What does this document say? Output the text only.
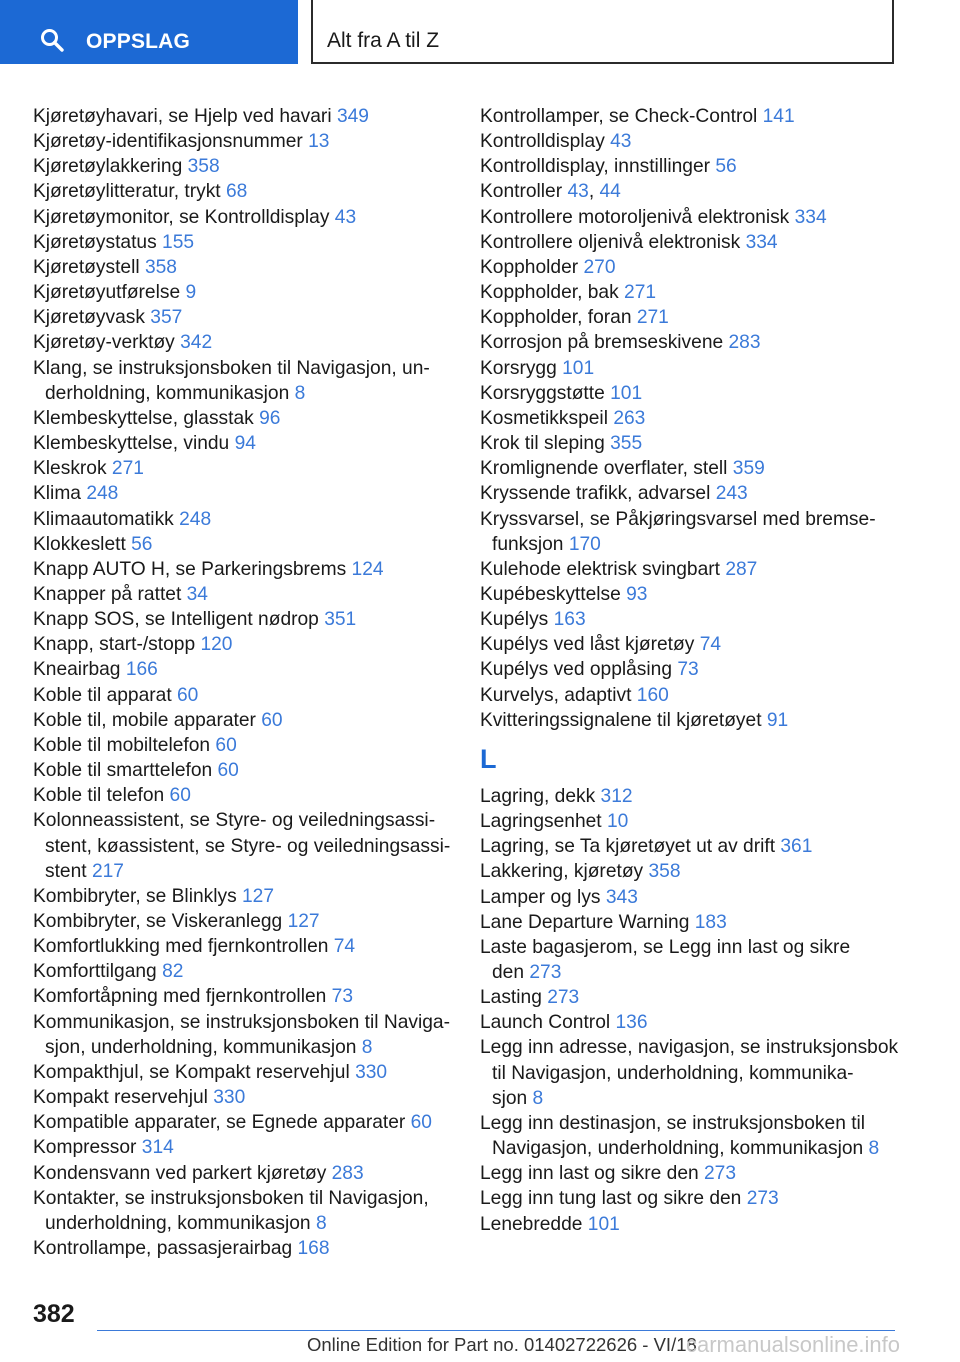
OPPSLAG	Alt fra A til Z
Kjøretøyhavari, se Hjelp ved havari 349
Kjøretøy-identifikasjonsnummer 13
Kjøretøylakkering 358
Kjøretøylitteratur, trykt 68
Kjøretøymonitor, se Kontrolldisplay 43
Kjøretøystatus 155
Kjøretøystell 358
Kjøretøyutførelse 9
Kjøretøyvask 357
Kjøretøy-verktøy 342
Klang, se instruksjonsboken til Navigasjon, un-
derholdning, kommunikasjon 8
Klembeskyttelse, glasstak 96
Klembeskyttelse, vindu 94
Kleskrok 271
Klima 248
Klimaautomatikk 248
Klokkeslett 56
Knapp AUTO H, se Parkeringsbrems 124
Knapper på rattet 34
Knapp SOS, se Intelligent nødrop 351
Knapp, start-/stopp 120
Kneairbag 166
Koble til apparat 60
Koble til, mobile apparater 60
Koble til mobiltelefon 60
Koble til smarttelefon 60
Koble til telefon 60
Kolonneassistent, se Styre- og veiledningsassi-
stent, køassistent, se Styre- og veiledningsassi-
stent 217
Kombibryter, se Blinklys 127
Kombibryter, se Viskeranlegg 127
Komfortlukking med fjernkontrollen 74
Komforttilgang 82
Komfortåpning med fjernkontrollen 73
Kommunikasjon, se instruksjonsboken til Naviga-
sjon, underholdning, kommunikasjon 8
Kompakthjul, se Kompakt reservehjul 330
Kompakt reservehjul 330
Kompatible apparater, se Egnede apparater 60
Kompressor 314
Kondensvann ved parkert kjøretøy 283
Kontakter, se instruksjonsboken til Navigasjon,
underholdning, kommunikasjon 8
Kontrollampe, passasjerairbag 168
Kontrollamper, se Check-Control 141
Kontrolldisplay 43
Kontrolldisplay, innstillinger 56
Kontroller 43, 44
Kontrollere motoroljenivå elektronisk 334
Kontrollere oljenivå elektronisk 334
Koppholder 270
Koppholder, bak 271
Koppholder, foran 271
Korrosjon på bremseskivene 283
Korsrygg 101
Korsryggstøtte 101
Kosmetikkspeil 263
Krok til sleping 355
Kromlignende overflater, stell 359
Kryssende trafikk, advarsel 243
Kryssvarsel, se Påkjøringsvarsel med bremse-
funksjon 170
Kulehode elektrisk svingbart 287
Kupébeskyttelse 93
Kupélys 163
Kupélys ved låst kjøretøy 74
Kupélys ved opplåsing 73
Kurvelys, adaptivt 160
Kvitteringssignalene til kjøretøyet 91
L
Lagring, dekk 312
Lagringsenhet 10
Lagring, se Ta kjøretøyet ut av drift 361
Lakkering, kjøretøy 358
Lamper og lys 343
Lane Departure Warning 183
Laste bagasjerom, se Legg inn last og sikre
den 273
Lasting 273
Launch Control 136
Legg inn adresse, navigasjon, se instruksjonsbok
til Navigasjon, underholdning, kommunika-
sjon 8
Legg inn destinasjon, se instruksjonsboken til
Navigasjon, underholdning, kommunikasjon 8
Legg inn last og sikre den 273
Legg inn tung last og sikre den 273
Lenebredde 101
382
Online Edition for Part no. 01402722626 - VI/18
carmanualsonline.info
